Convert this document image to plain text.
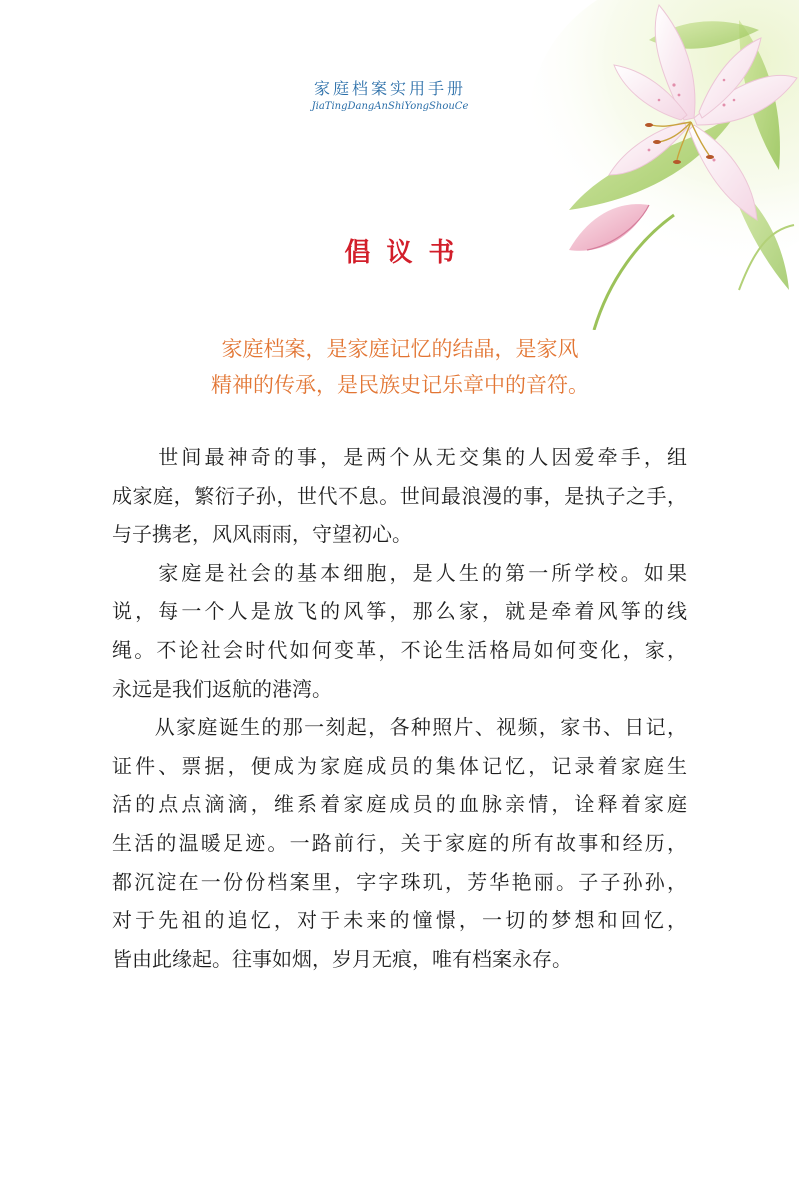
家庭档案实用手册
JiaTingDangAnShiYongShouCe
倡议书
家庭档案，是家庭记忆的结晶，是家风
精神的传承，是民族史记乐章中的音符。
　　世间最神奇的事，是两个从无交集的人因爱牵手，组
成家庭，繁衍子孙，世代不息。世间最浪漫的事，是执子之手，
与子携老，风风雨雨，守望初心。
　　家庭是社会的基本细胞，是人生的第一所学校。如果
说，每一个人是放飞的风筝，那么家，就是牵着风筝的线
绳。不论社会时代如何变革，不论生活格局如何变化，家，
永远是我们返航的港湾。
　　从家庭诞生的那一刻起，各种照片、视频，家书、日记，
证件、票据，便成为家庭成员的集体记忆，记录着家庭生
活的点点滴滴，维系着家庭成员的血脉亲情，诠释着家庭
生活的温暖足迹。一路前行，关于家庭的所有故事和经历，
都沉淀在一份份档案里，字字珠玑，芳华艳丽。子子孙孙，
对于先祖的追忆，对于未来的憧憬，一切的梦想和回忆，
皆由此缘起。往事如烟，岁月无痕，唯有档案永存。
